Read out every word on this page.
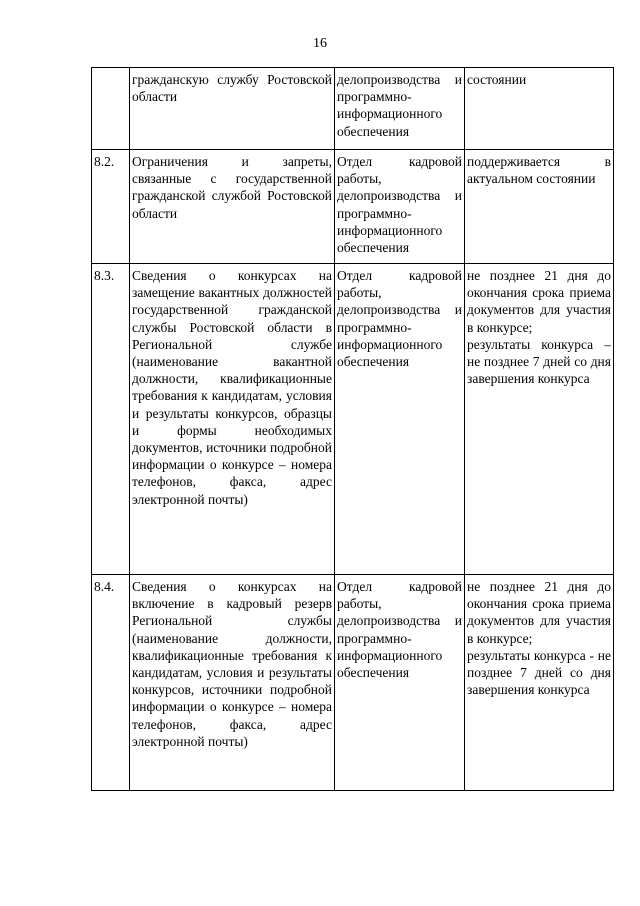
16
	гражданскую службу Ростовской области	делопроизводства и программно-информационного обеспечения	состоянии
8.2.	Ограничения и запреты, связанные с государственной гражданской службой Ростовской области	Отдел кадровой работы, делопроизводства и программно-информационного обеспечения	поддерживается в актуальном состоянии
8.3.	Сведения о конкурсах на замещение вакантных должностей государственной гражданской службы Ростовской области в Региональной службе (наименование вакантной должности, квалификационные требования к кандидатам, условия и результаты конкурсов, образцы и формы необходимых документов, источники подробной информации о конкурсе – номера телефонов, факса, адрес электронной почты)	Отдел кадровой работы, делопроизводства и программно-информационного обеспечения	не позднее 21 дня до окончания срока приема документов для участия в конкурсе;
результаты конкурса – не позднее 7 дней со дня завершения конкурса
8.4.	Сведения о конкурсах на включение в кадровый резерв Региональной службы (наименование должности, квалификационные требования к кандидатам, условия и результаты конкурсов, источники подробной информации о конкурсе – номера телефонов, факса, адрес электронной почты)	Отдел кадровой работы, делопроизводства и программно-информационного обеспечения	не позднее 21 дня до окончания срока приема документов для участия в конкурсе;
результаты конкурса - не позднее 7 дней со дня завершения конкурса
